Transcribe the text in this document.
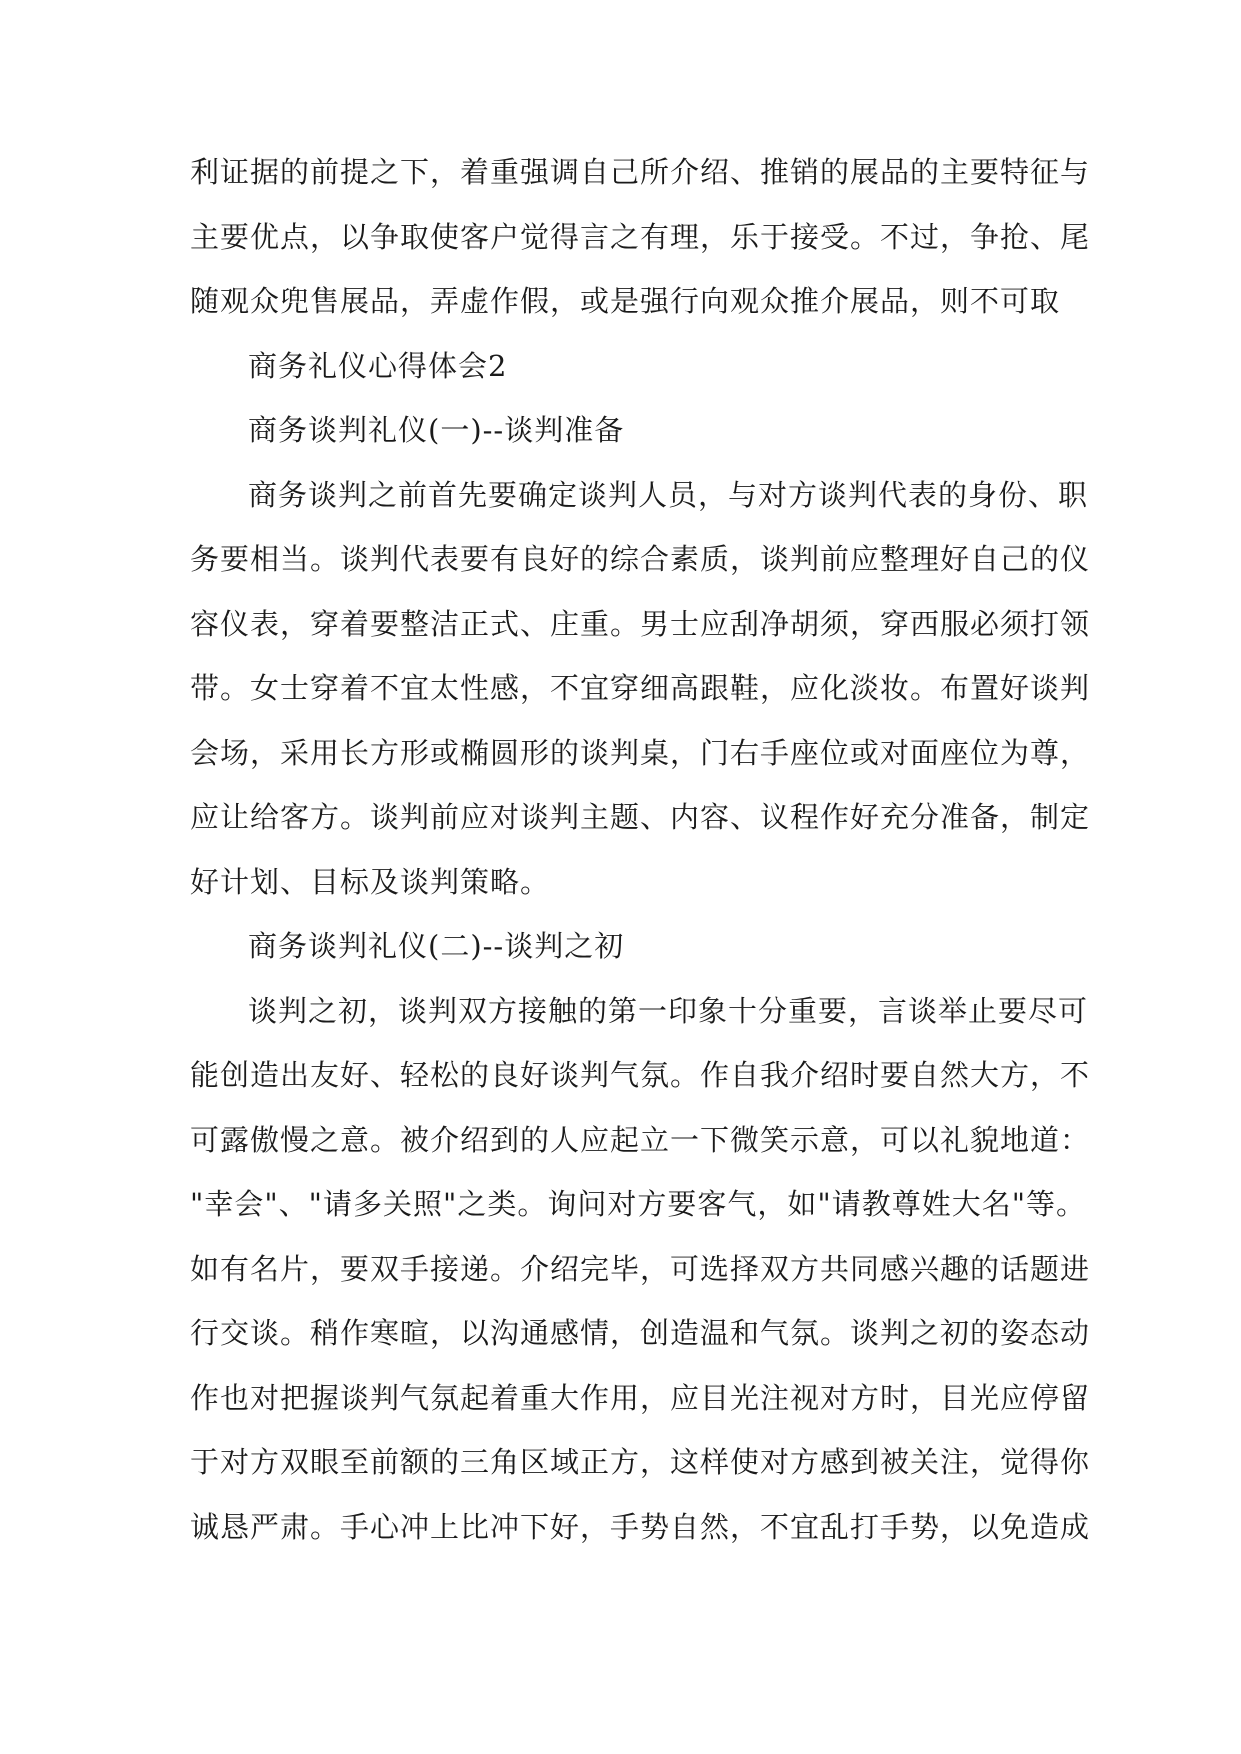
利证据的前提之下，着重强调自己所介绍、推销的展品的主要特征与
主要优点，以争取使客户觉得言之有理，乐于接受。不过，争抢、尾
随观众兜售展品，弄虚作假，或是强行向观众推介展品，则不可取
商务礼仪心得体会2
商务谈判礼仪(一)--谈判准备
商务谈判之前首先要确定谈判人员，与对方谈判代表的身份、职
务要相当。谈判代表要有良好的综合素质，谈判前应整理好自己的仪
容仪表，穿着要整洁正式、庄重。男士应刮净胡须，穿西服必须打领
带。女士穿着不宜太性感，不宜穿细高跟鞋，应化淡妆。布置好谈判
会场，采用长方形或椭圆形的谈判桌，门右手座位或对面座位为尊，
应让给客方。谈判前应对谈判主题、内容、议程作好充分准备，制定
好计划、目标及谈判策略。
商务谈判礼仪(二)--谈判之初
谈判之初，谈判双方接触的第一印象十分重要，言谈举止要尽可
能创造出友好、轻松的良好谈判气氛。作自我介绍时要自然大方，不
可露傲慢之意。被介绍到的人应起立一下微笑示意，可以礼貌地道：
"幸会"、"请多关照"之类。询问对方要客气，如"请教尊姓大名"等。
如有名片，要双手接递。介绍完毕，可选择双方共同感兴趣的话题进
行交谈。稍作寒暄，以沟通感情，创造温和气氛。谈判之初的姿态动
作也对把握谈判气氛起着重大作用，应目光注视对方时，目光应停留
于对方双眼至前额的三角区域正方，这样使对方感到被关注，觉得你
诚恳严肃。手心冲上比冲下好，手势自然，不宜乱打手势，以免造成
